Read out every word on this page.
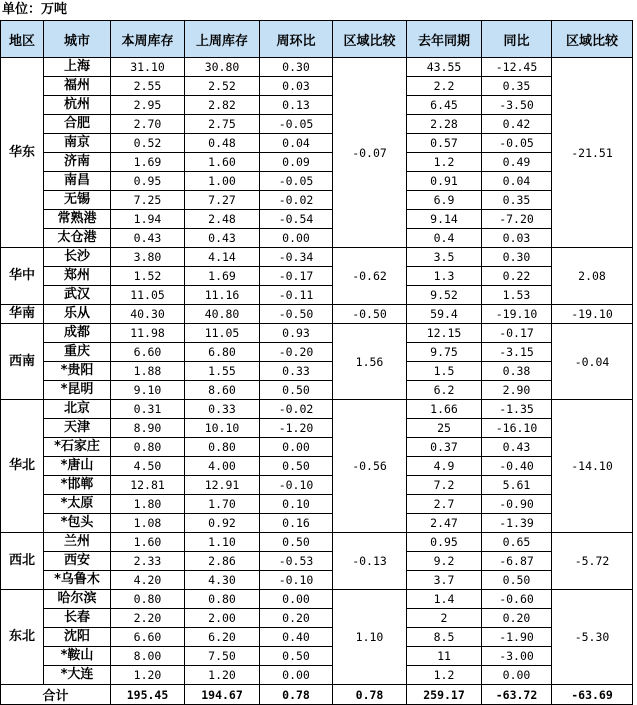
单位：万吨
地区	城市	本周库存	上周库存	周环比	区域比较	去年同期	同比	区域比较
华东	上海	31.10	30.80	0.30	-0.07	43.55	-12.45	-21.51
	福州	2.55	2.52	0.03		2.2	0.35	
	杭州	2.95	2.82	0.13		6.45	-3.50	
	合肥	2.70	2.75	-0.05		2.28	0.42	
	南京	0.52	0.48	0.04		0.57	-0.05	
	济南	1.69	1.60	0.09		1.2	0.49	
	南昌	0.95	1.00	-0.05		0.91	0.04	
	无锡	7.25	7.27	-0.02		6.9	0.35	
	常熟港	1.94	2.48	-0.54		9.14	-7.20	
	太仓港	0.43	0.43	0.00		0.4	0.03	
华中	长沙	3.80	4.14	-0.34	-0.62	3.5	0.30	2.08
	郑州	1.52	1.69	-0.17		1.3	0.22	
	武汉	11.05	11.16	-0.11		9.52	1.53	
华南	乐从	40.30	40.80	-0.50	-0.50	59.4	-19.10	-19.10
西南	成都	11.98	11.05	0.93	1.56	12.15	-0.17	-0.04
	重庆	6.60	6.80	-0.20		9.75	-3.15	
	*贵阳	1.88	1.55	0.33		1.5	0.38	
	*昆明	9.10	8.60	0.50		6.2	2.90	
华北	北京	0.31	0.33	-0.02	-0.56	1.66	-1.35	-14.10
	天津	8.90	10.10	-1.20		25	-16.10	
	*石家庄	0.80	0.80	0.00		0.37	0.43	
	*唐山	4.50	4.00	0.50		4.9	-0.40	
	*邯郸	12.81	12.91	-0.10		7.2	5.61	
	*太原	1.80	1.70	0.10		2.7	-0.90	
	*包头	1.08	0.92	0.16		2.47	-1.39	
西北	兰州	1.60	1.10	0.50	-0.13	0.95	0.65	-5.72
	西安	2.33	2.86	-0.53		9.2	-6.87	
	*乌鲁木	4.20	4.30	-0.10		3.7	0.50	
东北	哈尔滨	0.80	0.80	0.00	1.10	1.4	-0.60	-5.30
	长春	2.20	2.00	0.20		2	0.20	
	沈阳	6.60	6.20	0.40		8.5	-1.90	
	*鞍山	8.00	7.50	0.50		11	-3.00	
	*大连	1.20	1.20	0.00		1.2	0.00	
合计		195.45	194.67	0.78	0.78	259.17	-63.72	-63.69
